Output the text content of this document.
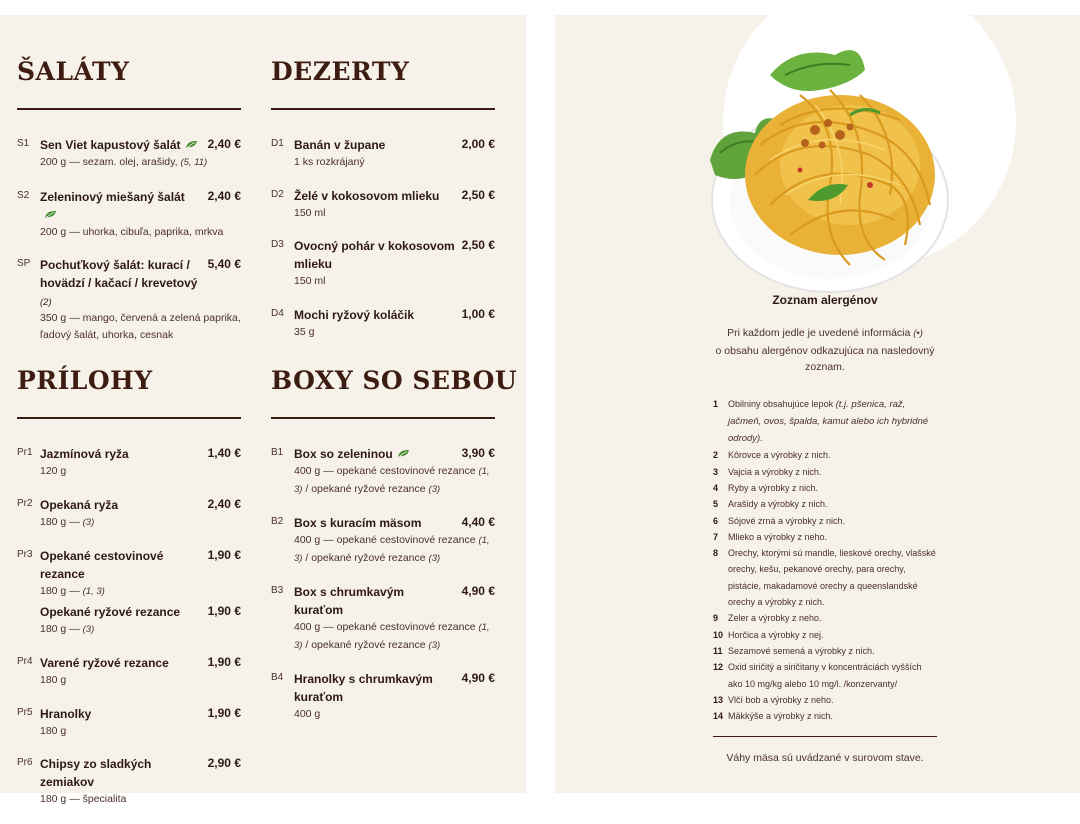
ŠALÁTY
S1 Sen Viet kapustový šalát 2,40 €
200 g — sezam. olej, arašidy, (5, 11)
S2 Zeleninový miešaný šalát 2,40 €
200 g — uhorka, cibuľa, paprika, mrkva
SP Pochuťkový šalát: kurací / hovädzí / kačací / krevetový (2)
5,40 €
350 g — mango, červená a zelená paprika, ľadový šalát, uhorka, cesnak
DEZERTY
D1 Banán v župane	2,00 €
1 ks rozkrájaný
D2 Želé v kokosovom mlieku 2,50 €
150 ml
D3 Ovocný pohár v kokosovom mlieku
2,50 €
150 ml
D4 Mochi ryžový koláčik	1,00 €
35 g
PRÍLOHY
Pr1 Jazmínová ryža	1,40 €
120 g
Pr2 Opekaná ryža	2,40 €
180 g — (3)
Pr3 Opekané cestovinové rezance
1,90 €
180 g — (1, 3)
Opekané ryžové rezance 1,90 €
180 g — (3)
Pr4 Varené ryžové rezance	1,90 €
180 g
Pr5 Hranolky	1,90 €
180 g
Pr6 Chipsy zo sladkých zemiakov
2,90 €
180 g — špecialita
BOXY SO SEBOU
B1 Box so zeleninou	3,90 €
400 g — opekané cestovinové rezance (1, 3) / opekané ryžové rezance (3)
B2 Box s kuracím mäsom	4,40 €
400 g — opekané cestovinové rezance (1, 3) / opekané ryžové rezance (3)
B3 Box s chrumkavým kuraťom
4,90 €
400 g — opekané cestovinové rezance (1, 3) / opekané ryžové rezance (3)
B4 Hranolky s chrumkavým kuraťom
4,90 €
400 g

Zoznam alergénov

Pri každom jedle je uvedené informácia (•)
o obsahu alergénov odkazujúca na nasledovný zoznam.
1 Obilniny obsahujúce lepok (t.j. pšenica, raž, jačmeň, ovos, špalda, kamut alebo ich hybridné odrody).
2 Kôrovce a výrobky z nich.
3 Vajcia a výrobky z nich.
4 Ryby a výrobky z nich.
5 Arašidy a výrobky z nich.
6 Sójové zrná a výrobky z nich.
7 Mlieko a výrobky z neho.
8 Orechy, ktorými sú mandle, lieskové orechy, vlašské orechy, kešu, pekanové orechy, para orechy, pistácie, makadamové orechy a queenslandské orechy a výrobky z nich.
9 Zeler a výrobky z neho.
10 Horčica a výrobky z nej.
11 Sezamové semená a výrobky z nich.
12 Oxid siričitý a siričitany v koncentráciách vyšších ako 10 mg/kg alebo 10 mg/l. /konzervanty/
13 Vlčí bob a výrobky z neho.
14 Mäkkýše a výrobky z nich.
Váhy mäsa sú uvádzané v surovom stave.
